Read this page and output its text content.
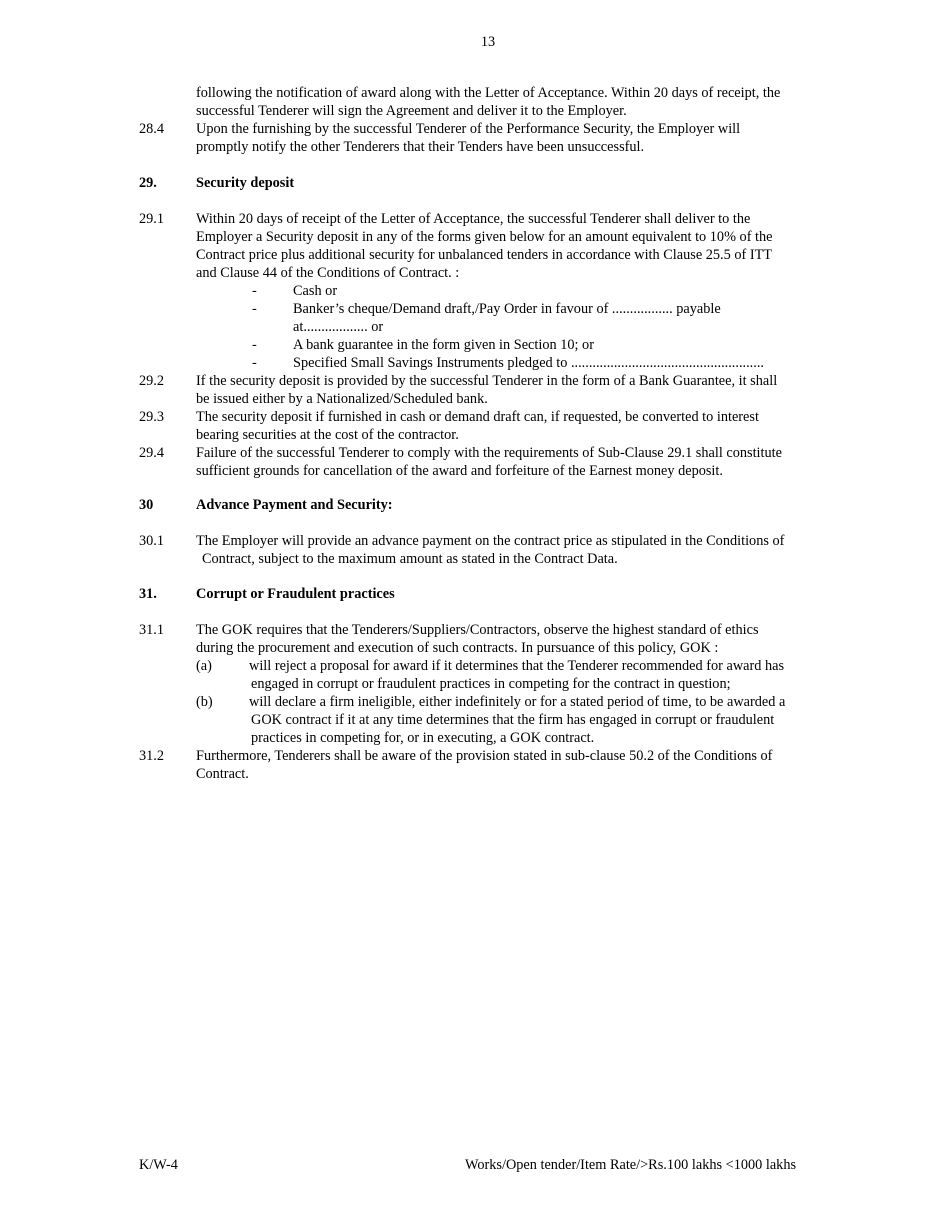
13
following the notification of award along with the Letter of Acceptance. Within 20 days of receipt, the
successful Tenderer will sign the Agreement and deliver it to the Employer.
28.4 Upon the furnishing by the successful Tenderer of the Performance Security, the Employer will
promptly notify the other Tenderers that their Tenders have been unsuccessful.
29.	Security deposit
29.1 Within 20 days of receipt of the Letter of Acceptance, the successful Tenderer shall deliver to the
Employer a Security deposit in any of the forms given below for an amount equivalent to 10% of the
Contract price plus additional security for unbalanced tenders in accordance with Clause 25.5 of ITT
and Clause 44 of the Conditions of Contract. :
-	Cash or
-	Banker’s cheque/Demand draft,/Pay Order in favour of ................. payable
at.................. or
-	A bank guarantee in the form given in Section 10; or
-	Specified Small Savings Instruments pledged to ......................................................
29.2 If the security deposit is provided by the successful Tenderer in the form of a Bank Guarantee, it shall
be issued either by a Nationalized/Scheduled bank.
29.3 The security deposit if furnished in cash or demand draft can, if requested, be converted to interest
bearing securities at the cost of the contractor.
29.4 Failure of the successful Tenderer to comply with the requirements of Sub-Clause 29.1 shall constitute
sufficient grounds for cancellation of the award and forfeiture of the Earnest money deposit.
30	Advance Payment and Security:
30.1 The Employer will provide an advance payment on the contract price as stipulated in the Conditions of
Contract, subject to the maximum amount as stated in the Contract Data.
31.	Corrupt or Fraudulent practices
31.1 The GOK requires that the Tenderers/Suppliers/Contractors, observe the highest standard of ethics
during the procurement and execution of such contracts. In pursuance of this policy, GOK :
(a)	will reject a proposal for award if it determines that the Tenderer recommended for award has
engaged in corrupt or fraudulent practices in competing for the contract in question;
(b)	will declare a firm ineligible, either indefinitely or for a stated period of time, to be awarded a
GOK contract if it at any time determines that the firm has engaged in corrupt or fraudulent
practices in competing for, or in executing, a GOK contract.
31.2 Furthermore, Tenderers shall be aware of the provision stated in sub-clause 50.2 of the Conditions of
Contract.
K/W-4	Works/Open tender/Item Rate/>Rs.100 lakhs <1000 lakhs
